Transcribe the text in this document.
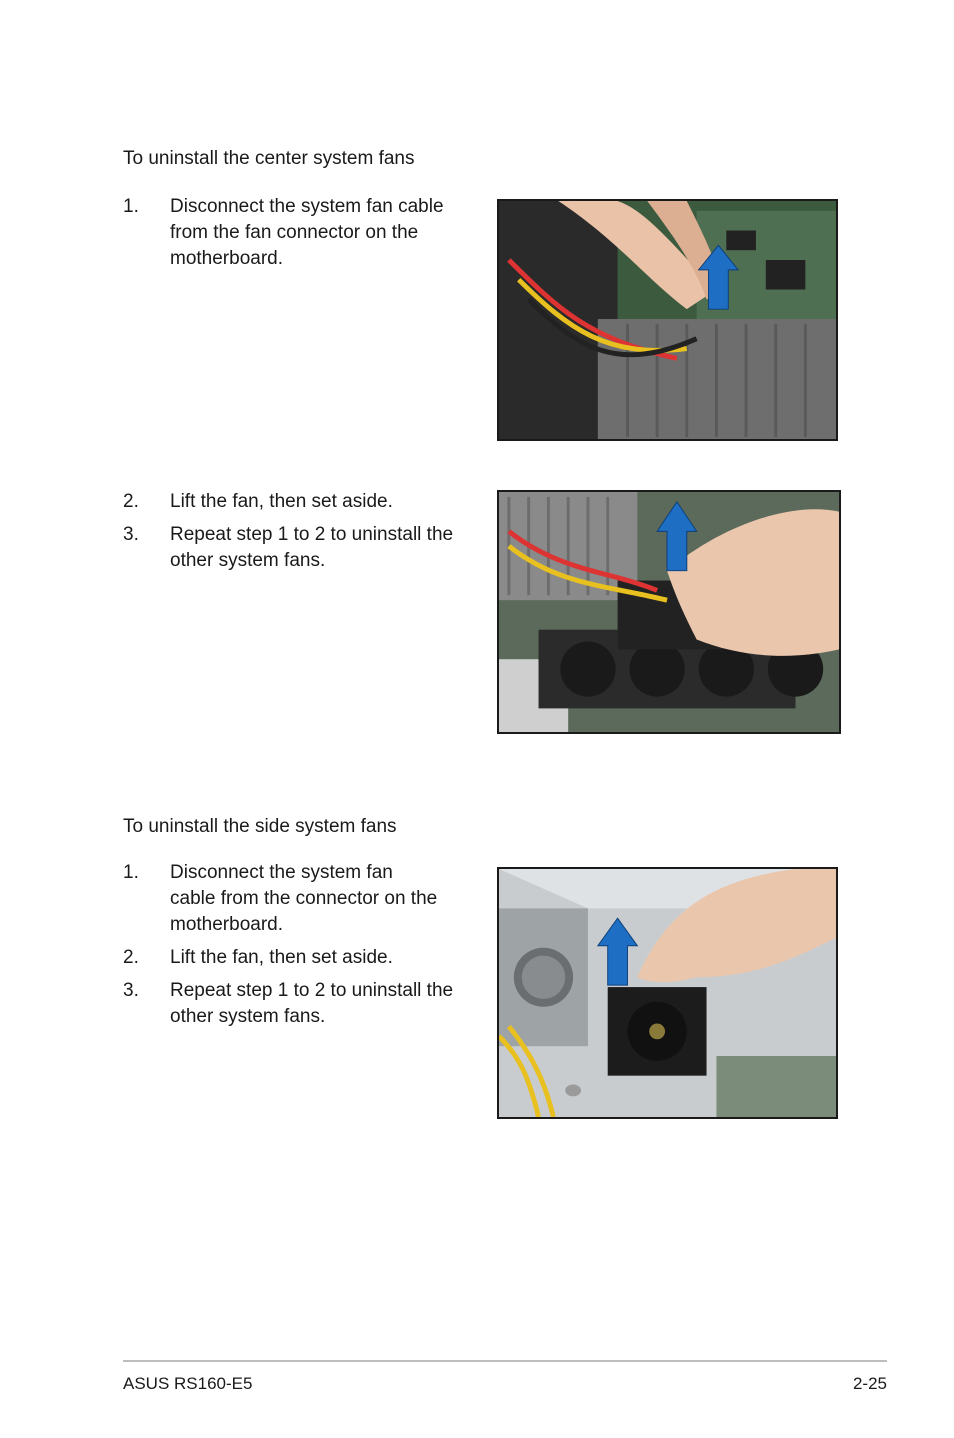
To uninstall the center system fans
1. Disconnect the system fan cable
from the fan connector on the
motherboard.
2. Lift the fan, then set aside.
3. Repeat step 1 to 2 to uninstall the
other system fans.
To uninstall the side system fans
1. Disconnect the system fan
cable from the connector on the
motherboard.
2. Lift the fan, then set aside.
3. Repeat step 1 to 2 to uninstall the
other system fans.
ASUS RS160-E5	2-25
